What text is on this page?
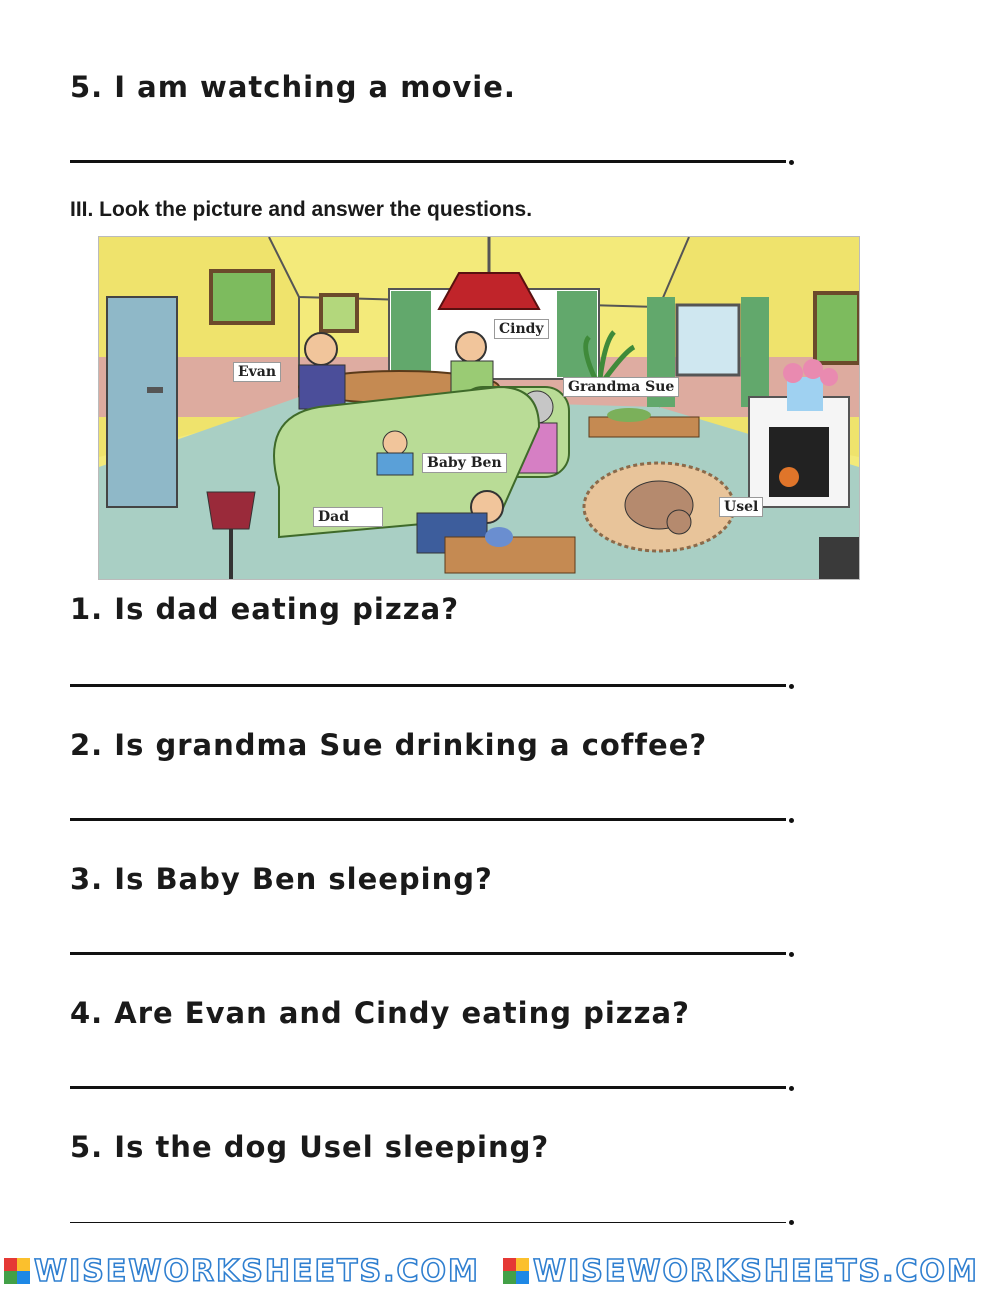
5. I am watching a movie.

III. Look the picture and answer the questions.

Cindy
Evan
Grandma Sue
Baby Ben
Dad
Usel

1. Is dad eating pizza?

2. Is grandma Sue drinking a coffee?

3. Is Baby Ben sleeping?

4. Are Evan and Cindy eating pizza?

5. Is the dog Usel sleeping?

WISEWORKSHEETS.COM WISEWORKSHEETS.COM
